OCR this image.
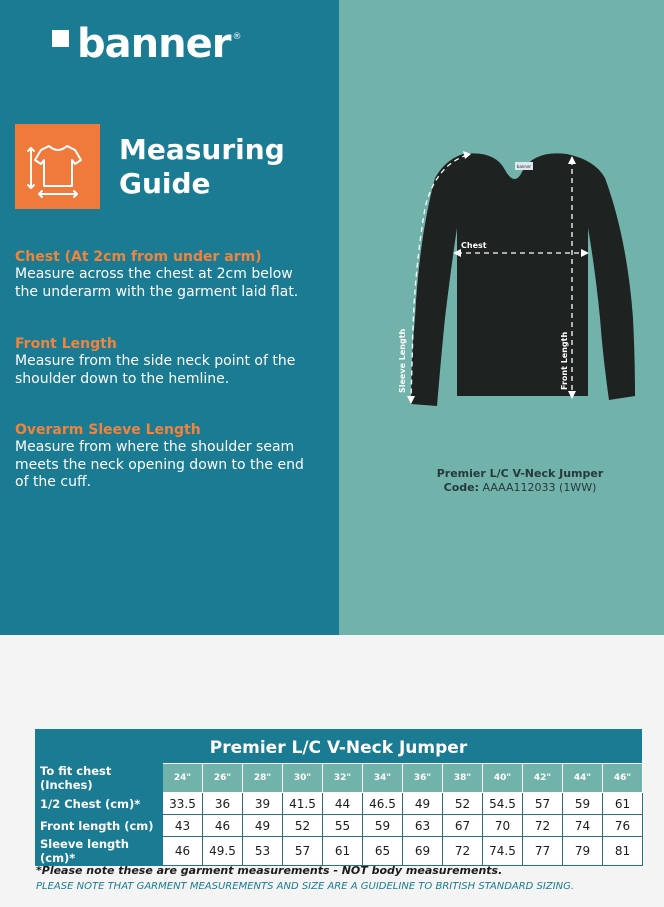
banner ®
Measuring
Guide
Chest (At 2cm from under arm)

Measure across the chest at 2cm below the underarm with the garment laid flat.

Front Length

Measure from the side neck point of the shoulder down to the hemline.

Overarm Sleeve Length

Measure from where the shoulder seam meets the neck opening down to the end of the cuff.

banner
Chest
Sleeve Length	Front Length
Premier L/C V-Neck Jumper
Code: AAAA112033 (1WW)
Premier L/C V-Neck Jumper
To fit chest (Inches)	24"	26"	28"	30"	32"	34"	36"	38"	40"	42"	44"	46"
1/2 Chest (cm)*	33.5	36	39	41.5	44	46.5	49	52	54.5	57	59	61
Front length (cm)	43	46	49	52	55	59	63	67	70	72	74	76
Sleeve length (cm)*	46	49.5	53	57	61	65	69	72	74.5	77	79	81
*Please note these are garment measurements - NOT body measurements.
PLEASE NOTE THAT GARMENT MEASUREMENTS AND SIZE ARE A GUIDELINE TO BRITISH STANDARD SIZING.
